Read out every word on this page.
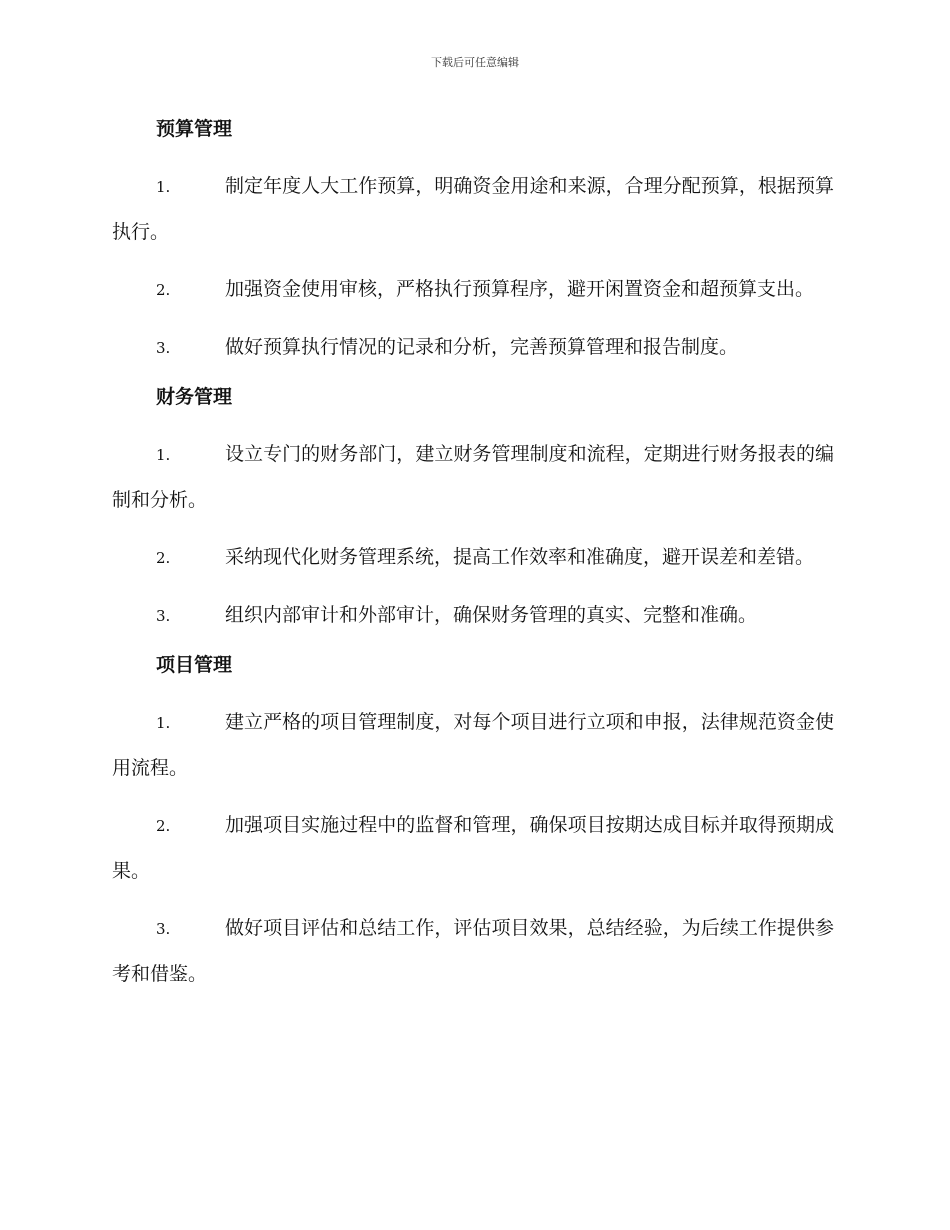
下载后可任意编辑
预算管理
1.	制定年度人大工作预算，明确资金用途和来源，合理分配预算，根据预算执行。
2.	加强资金使用审核，严格执行预算程序，避开闲置资金和超预算支出。
3.	做好预算执行情况的记录和分析，完善预算管理和报告制度。
财务管理
1.	设立专门的财务部门，建立财务管理制度和流程，定期进行财务报表的编制和分析。
2.	采纳现代化财务管理系统，提高工作效率和准确度，避开误差和差错。
3.	组织内部审计和外部审计，确保财务管理的真实、完整和准确。
项目管理
1.	建立严格的项目管理制度，对每个项目进行立项和申报，法律规范资金使用流程。
2.	加强项目实施过程中的监督和管理，确保项目按期达成目标并取得预期成果。
3.	做好项目评估和总结工作，评估项目效果，总结经验，为后续工作提供参考和借鉴。
